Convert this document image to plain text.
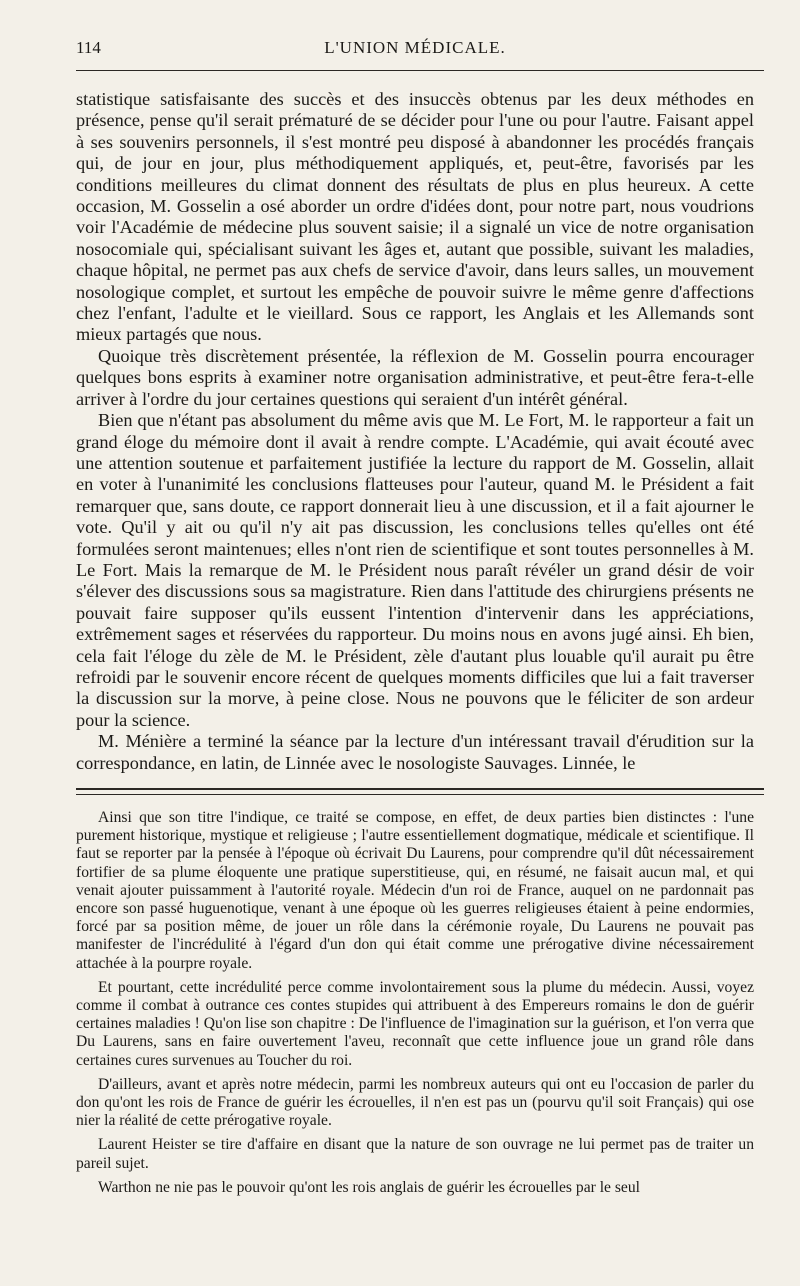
114	L'UNION MÉDICALE.

statistique satisfaisante des succès et des insuccès obtenus par les deux méthodes en présence, pense qu'il serait prématuré de se décider pour l'une ou pour l'autre. Faisant appel à ses souvenirs personnels, il s'est montré peu disposé à abandonner les procédés français qui, de jour en jour, plus méthodiquement appliqués, et, peut-être, favorisés par les conditions meilleures du climat donnent des résultats de plus en plus heureux. A cette occasion, M. Gosselin a osé aborder un ordre d'idées dont, pour notre part, nous voudrions voir l'Académie de médecine plus souvent saisie; il a signalé un vice de notre organisation nosocomiale qui, spécialisant suivant les âges et, autant que possible, suivant les maladies, chaque hôpital, ne permet pas aux chefs de service d'avoir, dans leurs salles, un mouvement nosologique complet, et surtout les empêche de pouvoir suivre le même genre d'affections chez l'enfant, l'adulte et le vieillard. Sous ce rapport, les Anglais et les Allemands sont mieux partagés que nous.

Quoique très discrètement présentée, la réflexion de M. Gosselin pourra encourager quelques bons esprits à examiner notre organisation administrative, et peut-être fera-t-elle arriver à l'ordre du jour certaines questions qui seraient d'un intérêt général.

Bien que n'étant pas absolument du même avis que M. Le Fort, M. le rapporteur a fait un grand éloge du mémoire dont il avait à rendre compte. L'Académie, qui avait écouté avec une attention soutenue et parfaitement justifiée la lecture du rapport de M. Gosselin, allait en voter à l'unanimité les conclusions flatteuses pour l'auteur, quand M. le Président a fait remarquer que, sans doute, ce rapport donnerait lieu à une discussion, et il a fait ajourner le vote. Qu'il y ait ou qu'il n'y ait pas discussion, les conclusions telles qu'elles ont été formulées seront maintenues; elles n'ont rien de scientifique et sont toutes personnelles à M. Le Fort. Mais la remarque de M. le Président nous paraît révéler un grand désir de voir s'élever des discussions sous sa magistrature. Rien dans l'attitude des chirurgiens présents ne pouvait faire supposer qu'ils eussent l'intention d'intervenir dans les appréciations, extrêmement sages et réservées du rapporteur. Du moins nous en avons jugé ainsi. Eh bien, cela fait l'éloge du zèle de M. le Président, zèle d'autant plus louable qu'il aurait pu être refroidi par le souvenir encore récent de quelques moments difficiles que lui a fait traverser la discussion sur la morve, à peine close. Nous ne pouvons que le féliciter de son ardeur pour la science.

M. Ménière a terminé la séance par la lecture d'un intéressant travail d'érudition sur la correspondance, en latin, de Linnée avec le nosologiste Sauvages. Linnée, le

Ainsi que son titre l'indique, ce traité se compose, en effet, de deux parties bien distinctes : l'une purement historique, mystique et religieuse ; l'autre essentiellement dogmatique, médicale et scientifique. Il faut se reporter par la pensée à l'époque où écrivait Du Laurens, pour comprendre qu'il dût nécessairement fortifier de sa plume éloquente une pratique superstitieuse, qui, en résumé, ne faisait aucun mal, et qui venait ajouter puissamment à l'autorité royale. Médecin d'un roi de France, auquel on ne pardonnait pas encore son passé huguenotique, venant à une époque où les guerres religieuses étaient à peine endormies, forcé par sa position même, de jouer un rôle dans la cérémonie royale, Du Laurens ne pouvait pas manifester de l'incrédulité à l'égard d'un don qui était comme une prérogative divine nécessairement attachée à la pourpre royale.

Et pourtant, cette incrédulité perce comme involontairement sous la plume du médecin. Aussi, voyez comme il combat à outrance ces contes stupides qui attribuent à des Empereurs romains le don de guérir certaines maladies ! Qu'on lise son chapitre : De l'influence de l'imagination sur la guérison, et l'on verra que Du Laurens, sans en faire ouvertement l'aveu, reconnaît que cette influence joue un grand rôle dans certaines cures survenues au Toucher du roi.

D'ailleurs, avant et après notre médecin, parmi les nombreux auteurs qui ont eu l'occasion de parler du don qu'ont les rois de France de guérir les écrouelles, il n'en est pas un (pourvu qu'il soit Français) qui ose nier la réalité de cette prérogative royale.

Laurent Heister se tire d'affaire en disant que la nature de son ouvrage ne lui permet pas de traiter un pareil sujet.

Warthon ne nie pas le pouvoir qu'ont les rois anglais de guérir les écrouelles par le seul
